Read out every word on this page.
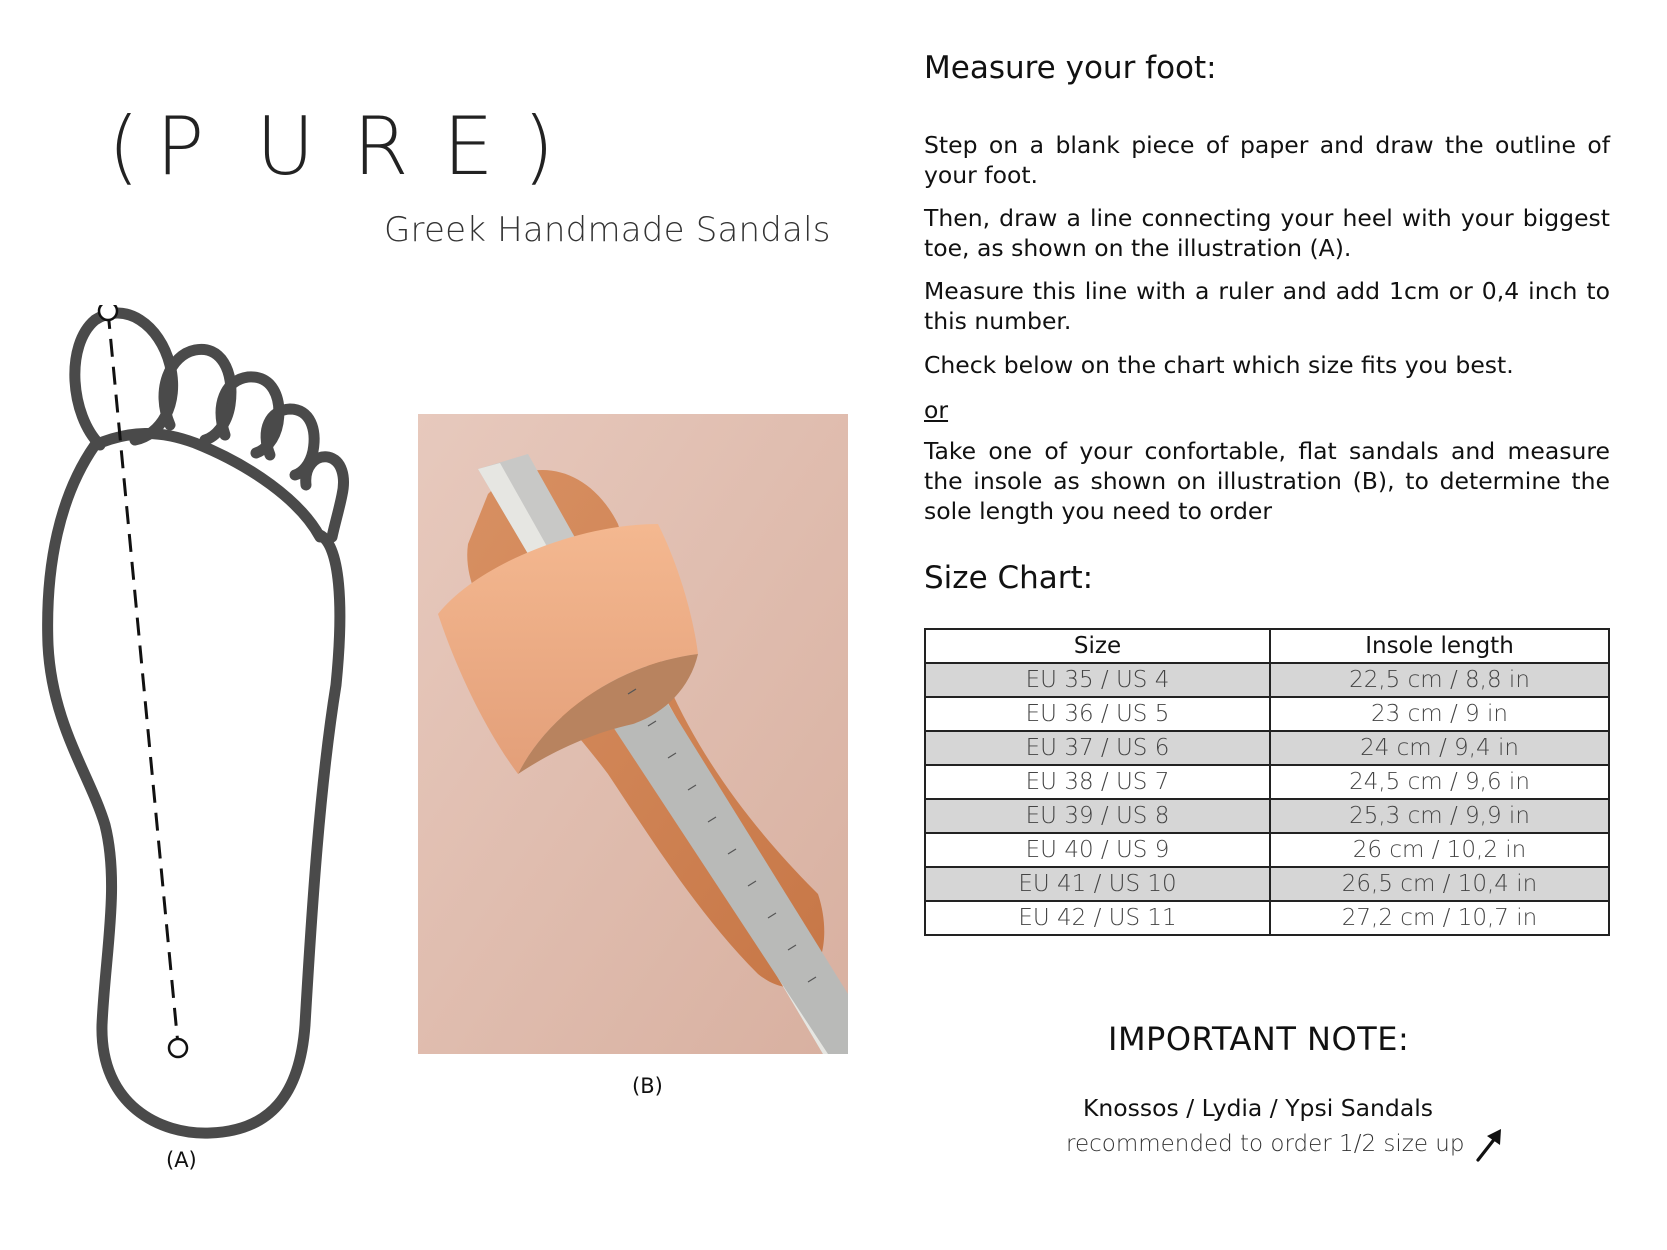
( P U R E )
Greek Handmade Sandals
(A)
(B)
Measure your foot:
Step on a blank piece of paper and draw the outline of your foot.
Then, draw a line connecting your heel with your biggest toe, as shown on the illustration (A).
Measure this line with a ruler and add 1cm or 0,4 inch to this number.
Check below on the chart which size fits you best.
or
Take one of your confortable, flat sandals and measure the insole as shown on illustration (B), to determine the sole length you need to order
Size Chart:
Size	Insole length
EU 35 / US 4	22,5 cm / 8,8 in
EU 36 / US 5	23 cm / 9 in
EU 37 / US 6	24 cm / 9,4 in
EU 38 / US 7	24,5 cm / 9,6 in
EU 39 / US 8	25,3 cm / 9,9 in
EU 40 / US 9	26 cm / 10,2 in
EU 41 / US 10	26,5 cm / 10,4 in
EU 42 / US 11	27,2 cm / 10,7 in
IMPORTANT NOTE:
Knossos / Lydia / Ypsi Sandals
recommended to order 1/2 size up
